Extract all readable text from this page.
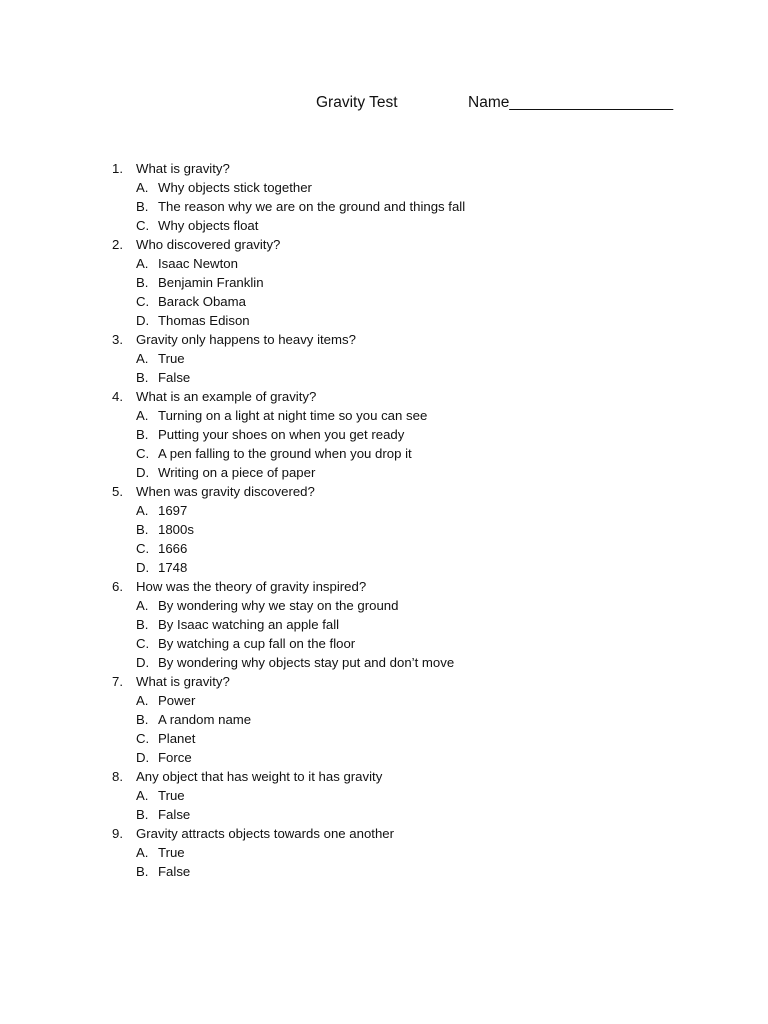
Gravity Test	Name___________________
1. What is gravity?
A. Why objects stick together
B. The reason why we are on the ground and things fall
C. Why objects float
2. Who discovered gravity?
A. Isaac Newton
B. Benjamin Franklin
C. Barack Obama
D. Thomas Edison
3. Gravity only happens to heavy items?
A. True
B. False
4. What is an example of gravity?
A. Turning on a light at night time so you can see
B. Putting your shoes on when you get ready
C. A pen falling to the ground when you drop it
D. Writing on a piece of paper
5. When was gravity discovered?
A. 1697
B. 1800s
C. 1666
D. 1748
6. How was the theory of gravity inspired?
A. By wondering why we stay on the ground
B. By Isaac watching an apple fall
C. By watching a cup fall on the floor
D. By wondering why objects stay put and don’t move
7. What is gravity?
A. Power
B. A random name
C. Planet
D. Force
8. Any object that has weight to it has gravity
A. True
B. False
9. Gravity attracts objects towards one another
A. True
B. False
